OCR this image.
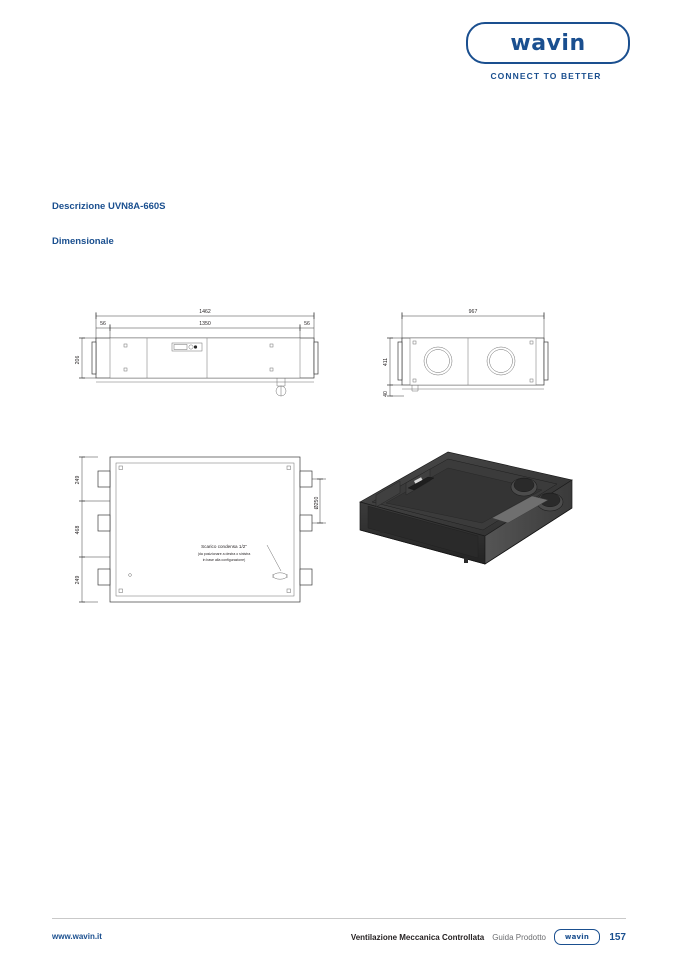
wavin
CONNECT TO BETTER
Descrizione UVN8A-660S
Dimensionale
1462
1350
56	56
206
967
411
40
249
468
249
Ø250
Scarico condensa 1/2"
(da posizionare a destra o sinistra
in base alla configurazione)
www.wavin.it	Ventilazione Meccanica Controllata Guida Prodotto	wavin	157
